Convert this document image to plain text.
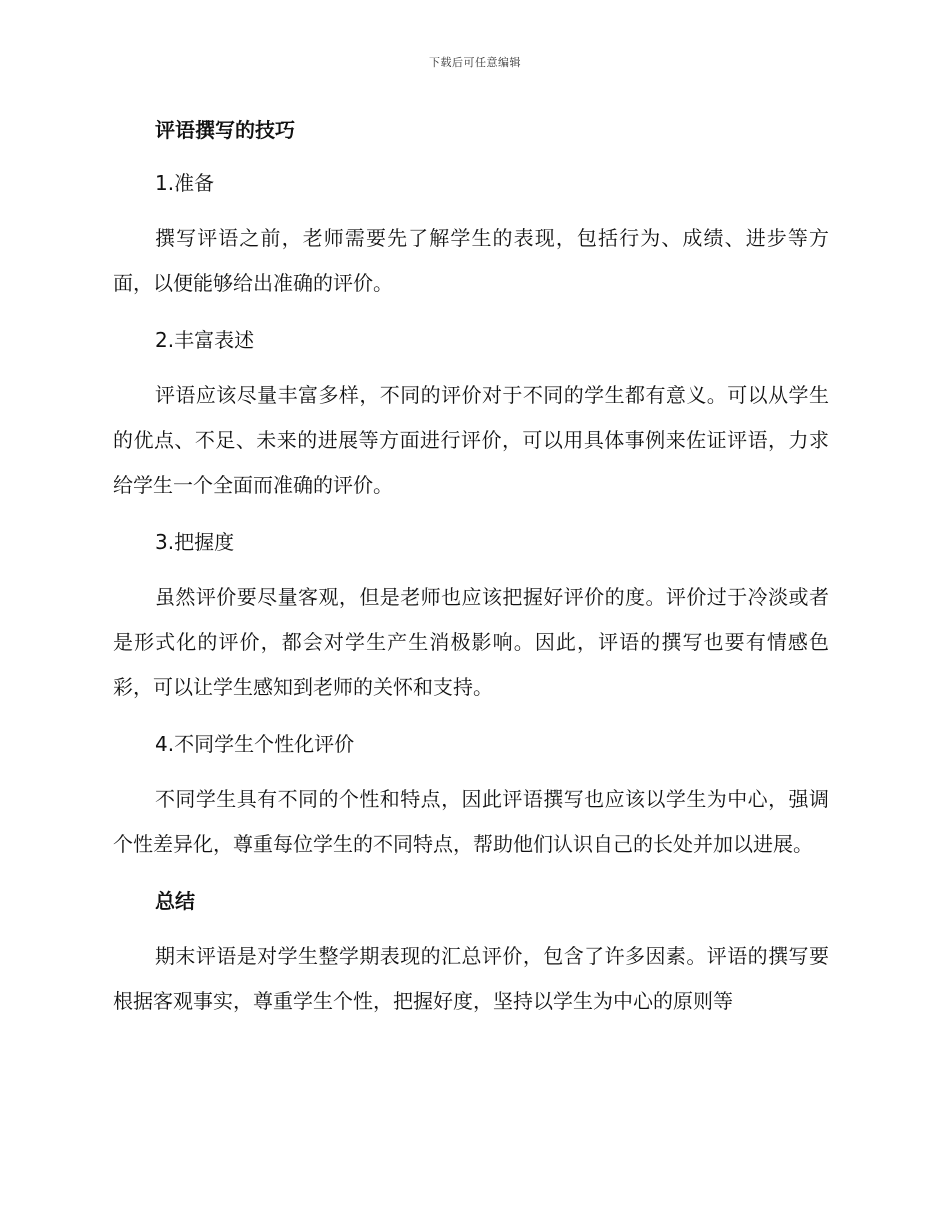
下载后可任意编辑
评语撰写的技巧
1.准备

撰写评语之前，老师需要先了解学生的表现，包括行为、成绩、进步等方面，以便能够给出准确的评价。

2.丰富表述

评语应该尽量丰富多样，不同的评价对于不同的学生都有意义。可以从学生的优点、不足、未来的进展等方面进行评价，可以用具体事例来佐证评语，力求给学生一个全面而准确的评价。

3.把握度

虽然评价要尽量客观，但是老师也应该把握好评价的度。评价过于冷淡或者是形式化的评价，都会对学生产生消极影响。因此，评语的撰写也要有情感色彩，可以让学生感知到老师的关怀和支持。

4.不同学生个性化评价

不同学生具有不同的个性和特点，因此评语撰写也应该以学生为中心，强调个性差异化，尊重每位学生的不同特点，帮助他们认识自己的长处并加以进展。

总结

期末评语是对学生整学期表现的汇总评价，包含了许多因素。评语的撰写要根据客观事实，尊重学生个性，把握好度，坚持以学生为中心的原则等
